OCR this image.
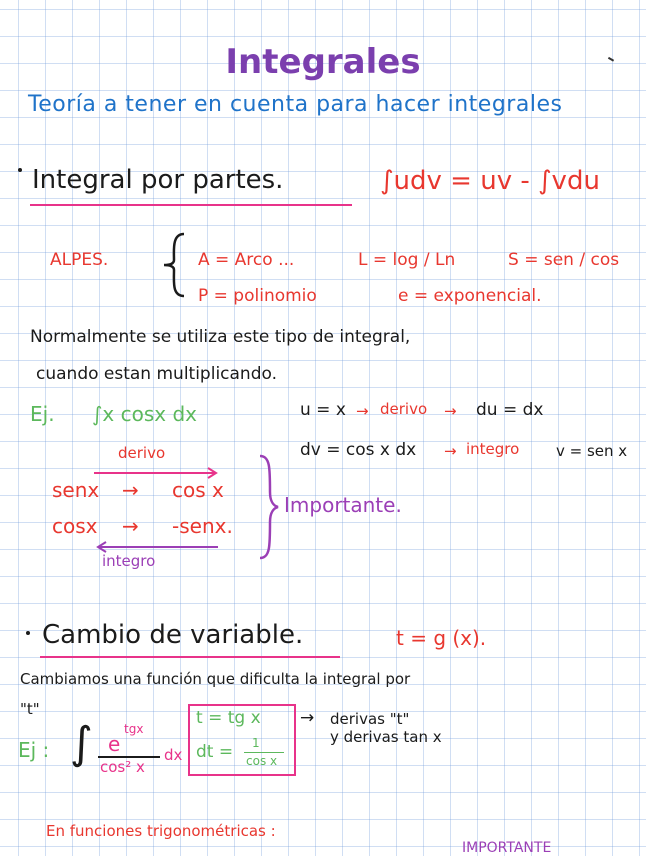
Integrales
Teoría a tener en cuenta para hacer integrales
Integral por partes.	∫udv = uv - ∫vdu
ALPES.	A = Arco ...	L = log / Ln	S = sen / cos
P = polinomio	e = exponencial.
Normalmente se utiliza este tipo de integral,
cuando estan multiplicando.
Ej. ∫x cosx dx	u = x → derivo → du = dx
dv = cos x dx → integro v = sen x
derivo
senx → cos x
cosx → -senx.
integro
Importante.
Cambio de variable.	t = g (x).
Cambiamos una función que dificulta la integral por
"t"
Ej : ∫ e
tgx
cos² x
dx
t = tg x
dt = 1
cos x
→ derivas "t"
y derivas tan x
En funciones trigonométricas :
IMPORTANTE
